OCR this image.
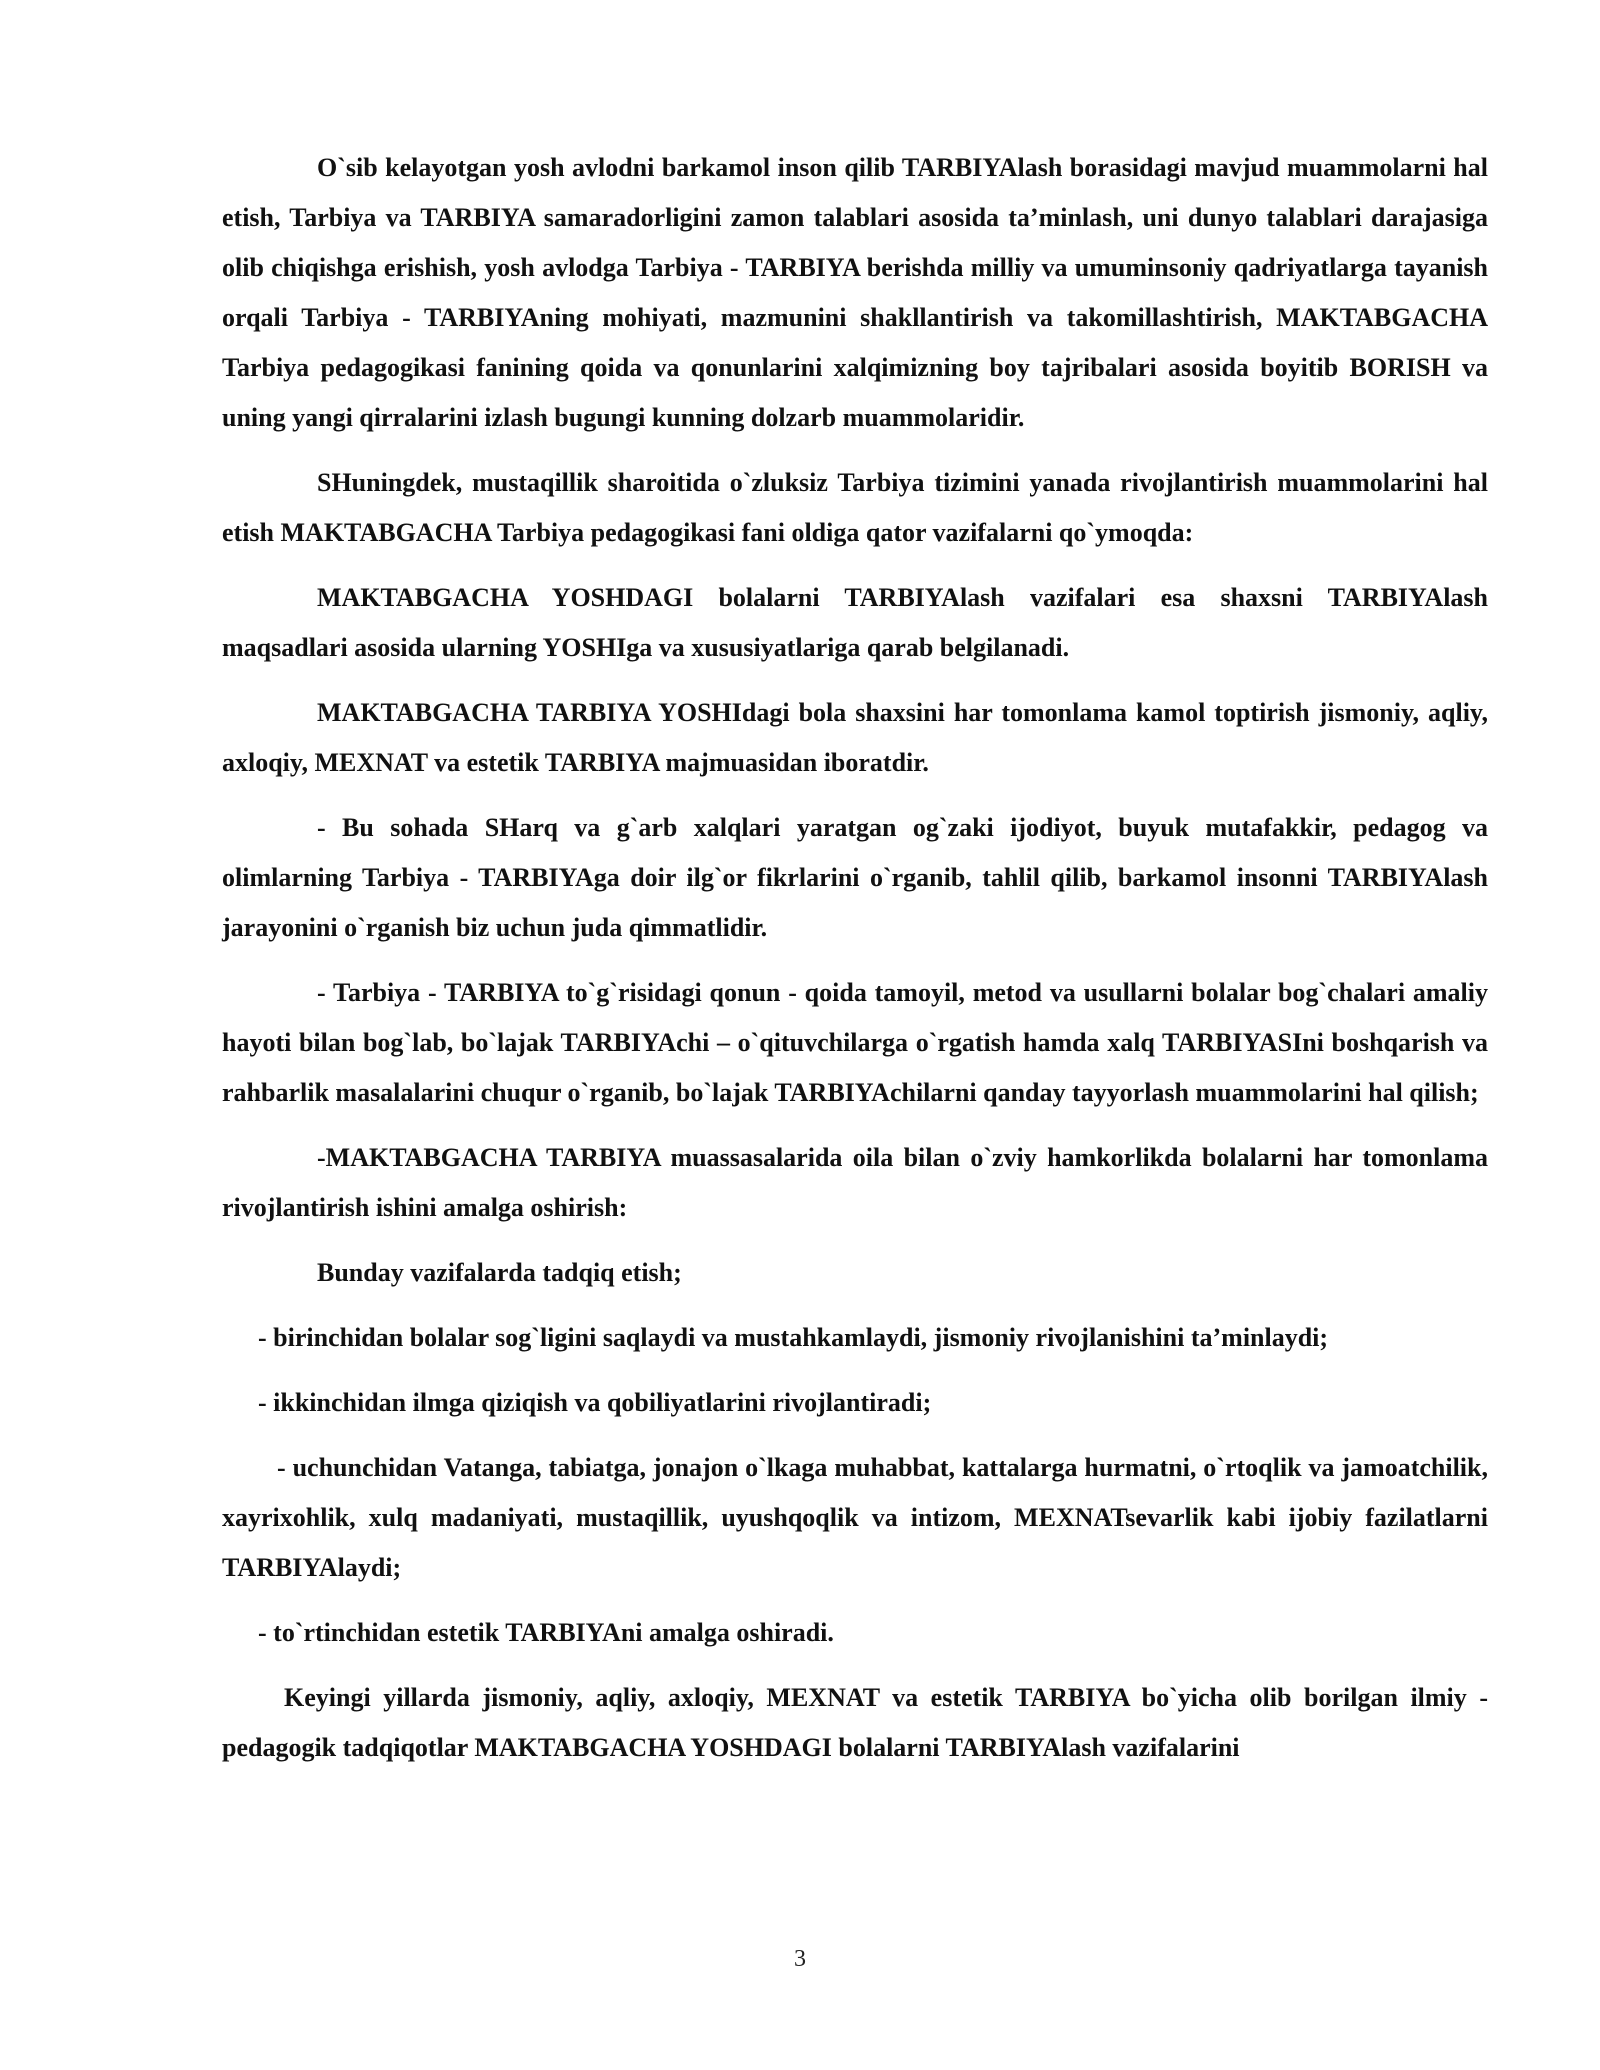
O`sib kelayotgan yosh avlodni barkamol inson qilib TARBIYAlash borasidagi mavjud muammolarni hal etish, Tarbiya va TARBIYA samaradorligini zamon talablari asosida ta’minlash, uni dunyo talablari darajasiga olib chiqishga erishish, yosh avlodga Tarbiya - TARBIYA berishda milliy va umuminsoniy qadriyatlarga tayanish orqali Tarbiya - TARBIYAning mohiyati, mazmunini shakllantirish va takomillashtirish, MAKTABGACHA Tarbiya pedagogikasi fanining qoida va qonunlarini xalqimizning boy tajribalari asosida boyitib BORISH va uning yangi qirralarini izlash bugungi kunning dolzarb muammolaridir.

SHuningdek, mustaqillik sharoitida o`zluksiz Tarbiya tizimini yanada rivojlantirish muammolarini hal etish MAKTABGACHA Tarbiya pedagogikasi fani oldiga qator vazifalarni qo`ymoqda:

MAKTABGACHA YOSHDAGI bolalarni TARBIYAlash vazifalari esa shaxsni TARBIYAlash maqsadlari asosida ularning YOSHIga va xususiyatlariga qarab belgilanadi.

MAKTABGACHA TARBIYA YOSHIdagi bola shaxsini har tomonlama kamol toptirish jismoniy, aqliy, axloqiy, MEXNAT va estetik TARBIYA majmuasidan iboratdir.

- Bu sohada SHarq va g`arb xalqlari yaratgan og`zaki ijodiyot, buyuk mutafakkir, pedagog va olimlarning Tarbiya - TARBIYAga doir ilg`or fikrlarini o`rganib, tahlil qilib, barkamol insonni TARBIYAlash jarayonini o`rganish biz uchun juda qimmatlidir.

- Tarbiya - TARBIYA to`g`risidagi qonun - qoida tamoyil, metod va usullarni bolalar bog`chalari amaliy hayoti bilan bog`lab, bo`lajak TARBIYAchi – o`qituvchilarga o`rgatish hamda xalq TARBIYASIni boshqarish va rahbarlik masalalarini chuqur o`rganib, bo`lajak TARBIYAchilarni qanday tayyorlash muammolarini hal qilish;

-MAKTABGACHA TARBIYA muassasalarida oila bilan o`zviy hamkorlikda bolalarni har tomonlama rivojlantirish ishini amalga oshirish:

Bunday vazifalarda tadqiq etish;

- birinchidan bolalar sog`ligini saqlaydi va mustahkamlaydi, jismoniy rivojlanishini ta’minlaydi;

- ikkinchidan ilmga qiziqish va qobiliyatlarini rivojlantiradi;

- uchunchidan Vatanga, tabiatga, jonajon o`lkaga muhabbat, kattalarga hurmatni, o`rtoqlik va jamoatchilik, xayrixohlik, xulq madaniyati, mustaqillik, uyushqoqlik va intizom, MEXNATsevarlik kabi ijobiy fazilatlarni TARBIYAlaydi;

- to`rtinchidan estetik TARBIYAni amalga oshiradi.

Keyingi yillarda jismoniy, aqliy, axloqiy, MEXNAT va estetik TARBIYA bo`yicha olib borilgan ilmiy - pedagogik tadqiqotlar MAKTABGACHA YOSHDAGI bolalarni TARBIYAlash vazifalarini

3
